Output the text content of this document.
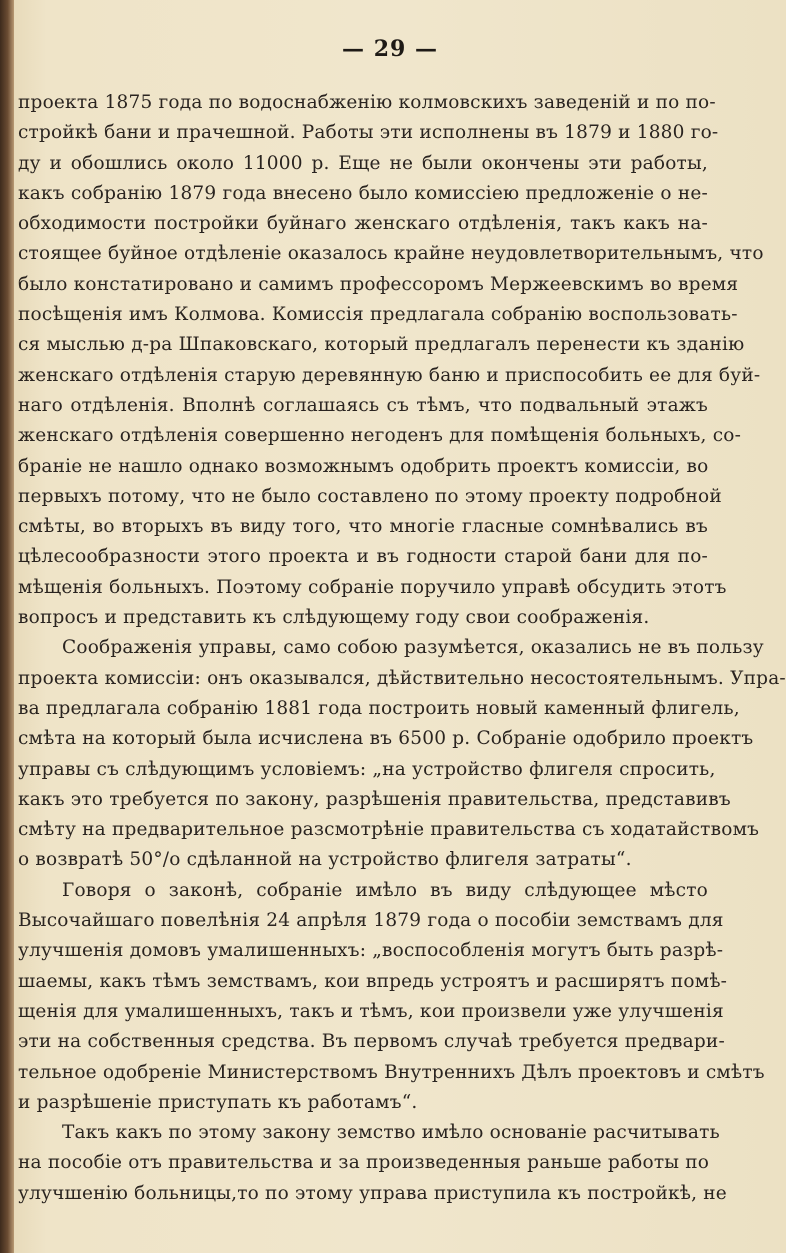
— 29 —
проекта 1875 года по водоснабженію колмовскихъ заведеній и по по-
стройкѣ бани и прачешной. Работы эти исполнены въ 1879 и 1880 го-
ду и обошлись около 11000 р. Еще не были окончены эти работы,
какъ собранію 1879 года внесено было комиссіею предложеніе о не-
обходимости постройки буйнаго женскаго отдѣленія, такъ какъ на-
стоящее буйное отдѣленіе оказалось крайне неудовлетворительнымъ, что
было констатировано и самимъ профессоромъ Мержеевскимъ во время
посѣщенія имъ Колмова. Комиссія предлагала собранію воспользовать-
ся мыслью д-ра Шпаковскаго, который предлагалъ перенести къ зданію
женскаго отдѣленія старую деревянную баню и приспособить ее для буй-
наго отдѣленія. Вполнѣ соглашаясь съ тѣмъ, что подвальный этажъ
женскаго отдѣленія совершенно негоденъ для помѣщенія больныхъ, со-
браніе не нашло однако возможнымъ одобрить проектъ комиссіи, во
первыхъ потому, что не было составлено по этому проекту подробной
смѣты, во вторыхъ въ виду того, что многіе гласные сомнѣвались въ
цѣлесообразности этого проекта и въ годности старой бани для по-
мѣщенія больныхъ. Поэтому собраніе поручило управѣ обсудить этотъ
вопросъ и представить къ слѣдующему году свои соображенія.
Соображенія управы, само собою разумѣется, оказались не въ пользу
проекта комиссіи: онъ оказывался, дѣйствительно несостоятельнымъ. Упра-
ва предлагала собранію 1881 года построить новый каменный флигель,
смѣта на который была исчислена въ 6500 р. Собраніе одобрило проектъ
управы съ слѣдующимъ условіемъ: „на устройство флигеля спросить,
какъ это требуется по закону, разрѣшенія правительства, представивъ
смѣту на предварительное разсмотрѣніе правительства съ ходатайствомъ
о возвратѣ 50°/о сдѣланной на устройство флигеля затраты“.
Говоря о законѣ, собраніе имѣло въ виду слѣдующее мѣсто
Высочайшаго повелѣнія 24 апрѣля 1879 года о пособіи земствамъ для
улучшенія домовъ умалишенныхъ: „воспособленія могутъ быть разрѣ-
шаемы, какъ тѣмъ земствамъ, кои впредь устроятъ и расширятъ помѣ-
щенія для умалишенныхъ, такъ и тѣмъ, кои произвели уже улучшенія
эти на собственныя средства. Въ первомъ случаѣ требуется предвари-
тельное одобреніе Министерствомъ Внутреннихъ Дѣлъ проектовъ и смѣтъ
и разрѣшеніе приступать къ работамъ“.
Такъ какъ по этому закону земство имѣло основаніе расчитывать
на пособіе отъ правительства и за произведенныя раньше работы по
улучшенію больницы,то по этому управа приступила къ постройкѣ, не
